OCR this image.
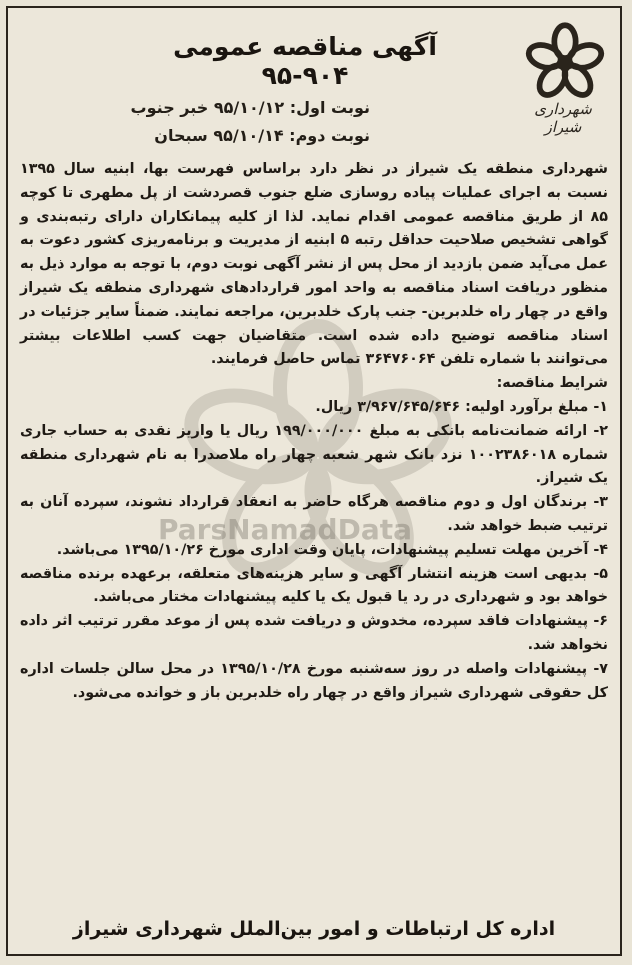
شهرداری شیراز
آگهی مناقصه عمومی ۹۰۴-۹۵
نوبت اول: ۹۵/۱۰/۱۲ خبر جنوب
نوبت دوم: ۹۵/۱۰/۱۴ سبحان
ParsNamadData

شهرداری منطقه یک شیراز در نظر دارد براساس فهرست بها، ابنیه سال ۱۳۹۵ نسبت به اجرای عملیات پیاده روسازی ضلع جنوب قصردشت از پل مطهری تا کوچه ۸۵ از طریق مناقصه عمومی اقدام نماید. لذا از کلیه پیمانکاران دارای رتبه‌بندی و گواهی تشخیص صلاحیت حداقل رتبه ۵ ابنیه از مدیریت و برنامه‌ریزی کشور دعوت به عمل می‌آید ضمن بازدید از محل پس از نشر آگهی نوبت دوم، با توجه به موارد ذیل به منظور دریافت اسناد مناقصه به واحد امور قراردادهای شهرداری منطقه یک شیراز واقع در چهار راه خلدبرین- جنب پارک خلدبرین، مراجعه نمایند. ضمناً سایر جزئیات در اسناد مناقصه توضیح داده شده است. متقاضیان جهت کسب اطلاعات بیشتر می‌توانند با شماره تلفن ۳۶۴۷۶۰۶۴ تماس حاصل فرمایند.

شرایط مناقصه:

۱- مبلغ برآورد اولیه: ۳/۹۶۷/۶۴۵/۶۴۶ ریال.

۲- ارائه ضمانت‌نامه بانکی به مبلغ ۱۹۹/۰۰۰/۰۰۰ ریال یا واریز نقدی به حساب جاری شماره ۱۰۰۲۳۸۶۰۱۸ نزد بانک شهر شعبه چهار راه ملاصدرا به نام شهرداری منطقه یک شیراز.

۳- برندگان اول و دوم مناقصه هرگاه حاضر به انعقاد قرارداد نشوند، سپرده آنان به ترتیب ضبط خواهد شد.

۴- آخرین مهلت تسلیم پیشنهادات، پایان وقت اداری مورخ ۱۳۹۵/۱۰/۲۶ می‌باشد.

۵- بدیهی است هزینه انتشار آگهی و سایر هزینه‌های متعلقه، برعهده برنده مناقصه خواهد بود و شهرداری در رد یا قبول یک یا کلیه پیشنهادات مختار می‌باشد.

۶- پیشنهادات فاقد سپرده، مخدوش و دریافت شده پس از موعد مقرر ترتیب اثر داده نخواهد شد.

۷- پیشنهادات واصله در روز سه‌شنبه مورخ ۱۳۹۵/۱۰/۲۸ در محل سالن جلسات اداره کل حقوقی شهرداری شیراز واقع در چهار راه خلدبرین باز و خوانده می‌شود.

اداره کل ارتباطات و امور بین‌الملل شهرداری شیراز
